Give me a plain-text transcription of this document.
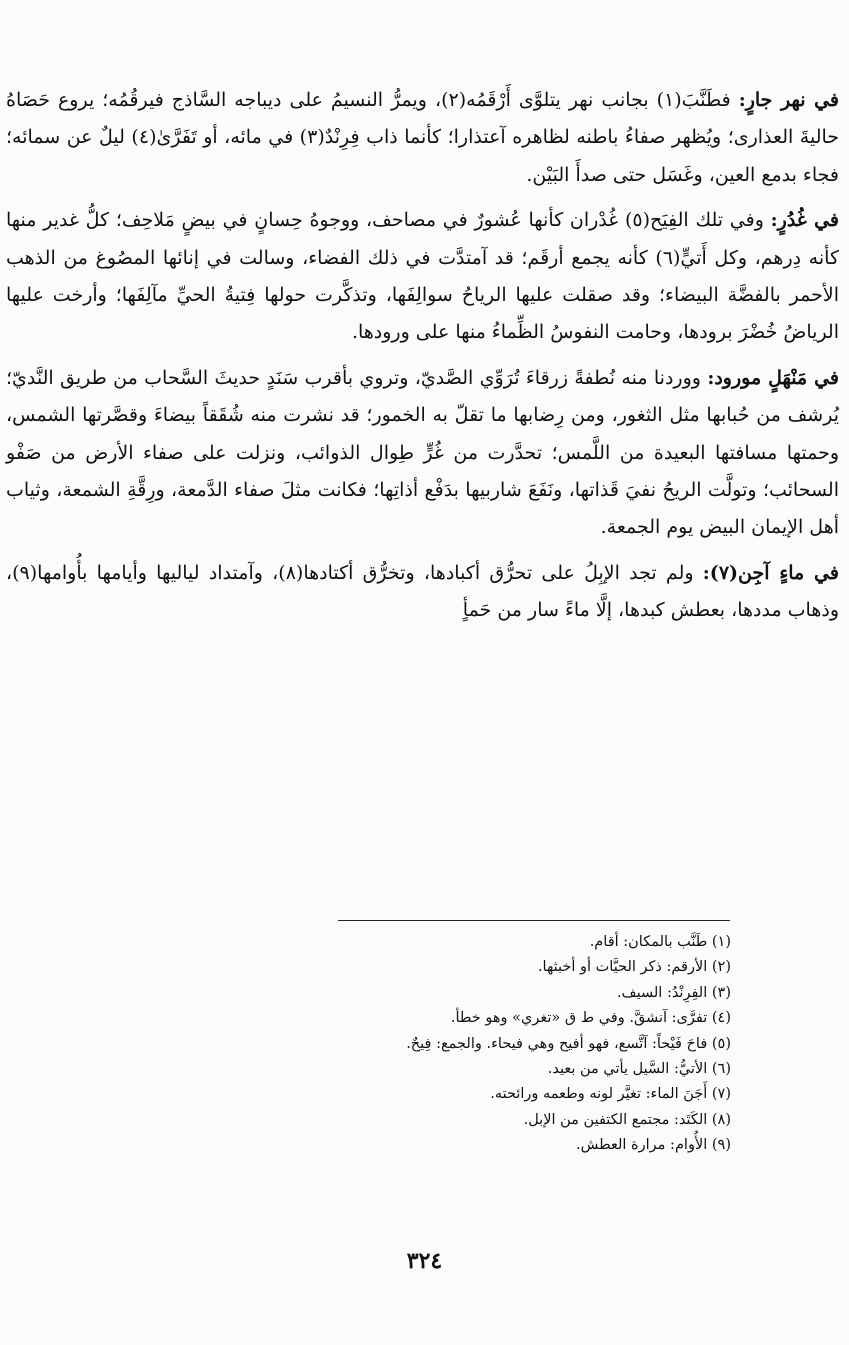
في نهر جارٍ: فطَنَّبَ(١) بجانب نهر يتلوَّى أَرْقَمُه(٢)، ويمرُّ النسيمُ على ديباجه السَّاذج فيرقُمُه؛ يروع حَصَاهُ حاليةَ العذارى؛ ويُظهر صفاءُ باطنه لظاهره آعتذارا؛ كأنما ذاب فِرِنْدٌ(٣) في مائه، أو تَفَرَّىٰ(٤) ليلٌ عن سمائه؛ فجاء بدمع العين، وغَسَل حتى صدأَ البَيْن.

في غُدُرٍ: وفي تلك الفِيَح(٥) غُدْران كأنها عُشورٌ في مصاحف، ووجوهُ حِسانٍ في بيضٍ مَلاحِف؛ كلُّ غدير منها كأنه دِرهم، وكل أَتيٍّ(٦) كأنه يجمع أرقَم؛ قد آمتدَّت في ذلك الفضاء، وسالت في إنائها المصُوغ من الذهب الأحمر بالفضَّة البيضاء؛ وقد صقلت عليها الرياحُ سوالِفَها، وتذكَّرت حولها فِتيةُ الحيِّ مآلِفَها؛ وأرخت عليها الرياضُ خُضْرَ برودها، وحامت النفوسُ الظِّماءُ منها على ورودها.

في مَنْهَلٍ مورود: ووردنا منه نُطفةً زرقاءَ تُرَوِّي الصَّديّ، وتروي بأقرب سَنَدٍ حديثَ السَّحاب من طريق النَّديّ؛ يُرشف من حُبابها مثل الثغور، ومن رِضابها ما تقلّ به الخمور؛ قد نشرت منه شُقَقاً بيضاءَ وقصَّرتها الشمس، وحمتها مسافتها البعيدة من اللَّمس؛ تحدَّرت من غُرٍّ طِوال الذوائب، ونزلت على صفاء الأرض من صَفْو السحائب؛ وتولَّت الريحُ نفيَ قَذاتها، ونَفَعَ شاربيها بدَفْع أذاتِها؛ فكانت مثلَ صفاء الدَّمعة، ورِقَّةِ الشمعة، وثياب أهل الإيمان البيض يوم الجمعة.

في ماءٍ آجِن(٧): ولم تجد الإبِلُ على تحرُّق أكبادها، وتخرُّق أكتادها(٨)، وآمتداد لياليها وأيامها بأُوامها(٩)، وذهاب مددها، بعطش كبدها، إلَّا ماءً سار من حَمأٍ

(١) طَنَّب بالمكان: أقام.

(٢) الأرقم: ذكر الحيَّات أو أخبثها.

(٣) الفِرِنْدُ: السيف.

(٤) تفرَّى: آنشقَّ. وفي ط ق «تغري» وهو خطأ.

(٥) فاحَ فَيْحاً: آتَّسع، فهو أفيح وهي فيحاء. والجمع: فِيحٌ.

(٦) الأتيُّ: السَّيل يأتي من بعيد.

(٧) أَجَنَ الماء: تغيَّر لونه وطعمه ورائحته.

(٨) الكَتَد: مجتمع الكتفين من الإبل.

(٩) الأُوام: مرارة العطش.

٣٢٤
